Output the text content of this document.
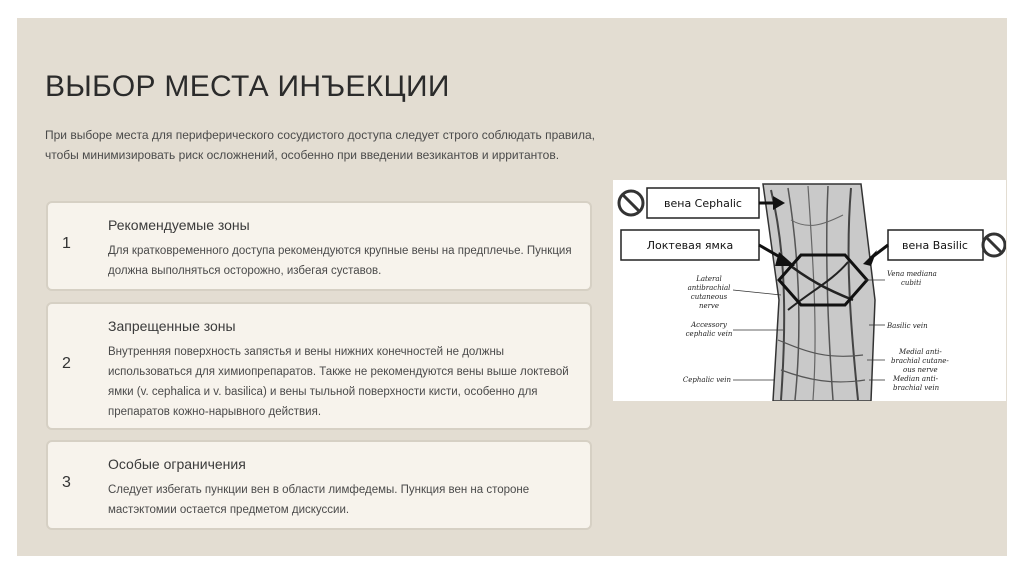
ВЫБОР МЕСТА ИНЪЕКЦИИ
При выборе места для периферического сосудистого доступа следует строго соблюдать правила, чтобы минимизировать риск осложнений, особенно при введении везикантов и ирритантов.
1
Рекомендуемые зоны
Для кратковременного доступа рекомендуются крупные вены на предплечье. Пункция должна выполняться осторожно, избегая суставов.
2
Запрещенные зоны
Внутренняя поверхность запястья и вены нижних конечностей не должны использоваться для химиопрепаратов. Также не рекомендуются вены выше локтевой ямки (v. cephalica и v. basilica) и вены тыльной поверхности кисти, особенно для препаратов кожно-нарывного действия.
3
Особые ограничения
Следует избегать пункции вен в области лимфедемы. Пункция вен на стороне мастэктомии остается предметом дискуссии.
вена Cephalic
Локтевая ямка	вена Basilic
Lateral
antibrachial
cutaneous
nerve
Accessory
cephalic vein
Cephalic vein
Vena mediana
cubiti
Basilic vein
Medial anti-
brachial cutane-
ous nerve
Median anti-
brachial vein
